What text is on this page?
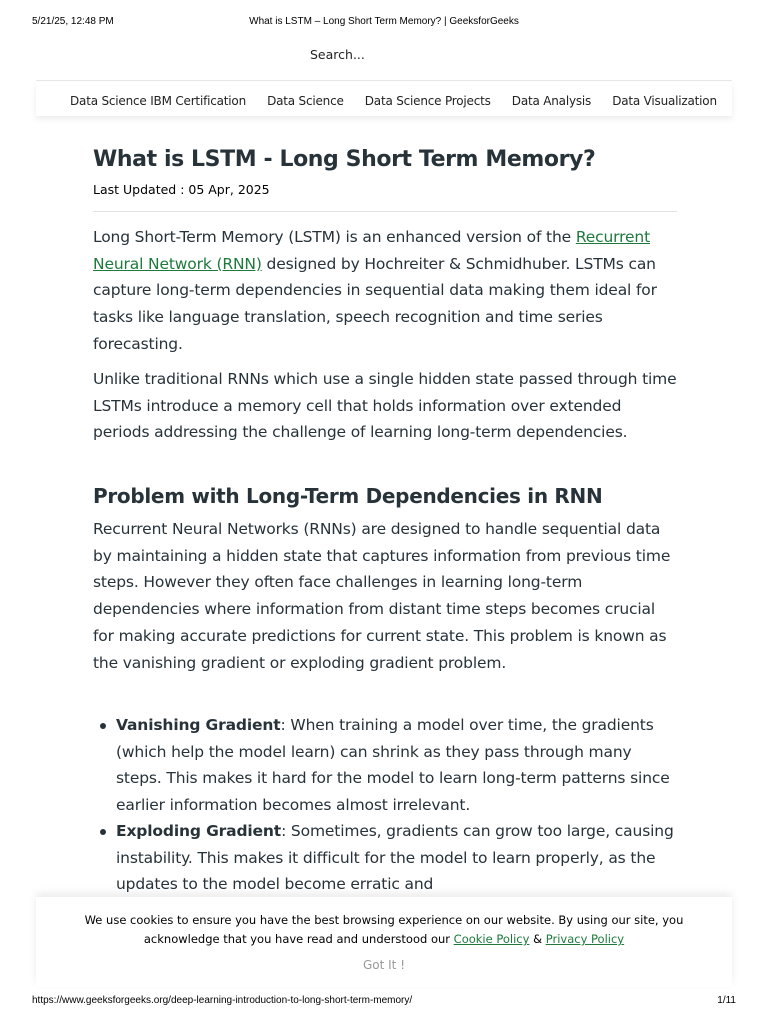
5/21/25, 12:48 PM	What is LSTM – Long Short Term Memory? | GeeksforGeeks
Search...
Data Science IBM Certification Data Science Data Science Projects Data Analysis Data Visualization
What is LSTM - Long Short Term Memory?
Last Updated : 05 Apr, 2025

Long Short-Term Memory (LSTM) is an enhanced version of the Recurrent Neural Network (RNN) designed by Hochreiter & Schmidhuber. LSTMs can capture long-term dependencies in sequential data making them ideal for tasks like language translation, speech recognition and time series forecasting.

Unlike traditional RNNs which use a single hidden state passed through time LSTMs introduce a memory cell that holds information over extended periods addressing the challenge of learning long-term dependencies.

Problem with Long-Term Dependencies in RNN

Recurrent Neural Networks (RNNs) are designed to handle sequential data by maintaining a hidden state that captures information from previous time steps. However they often face challenges in learning long-term dependencies where information from distant time steps becomes crucial for making accurate predictions for current state. This problem is known as the vanishing gradient or exploding gradient problem.

Vanishing Gradient: When training a model over time, the gradients (which help the model learn) can shrink as they pass through many steps. This makes it hard for the model to learn long-term patterns since earlier information becomes almost irrelevant.
Exploding Gradient: Sometimes, gradients can grow too large, causing instability. This makes it difficult for the model to learn properly, as the updates to the model become erratic and
We use cookies to ensure you have the best browsing experience on our website. By using our site, you acknowledge that you have read and understood our Cookie Policy & Privacy Policy
Got It !
https://www.geeksforgeeks.org/deep-learning-introduction-to-long-short-term-memory/	1/11
